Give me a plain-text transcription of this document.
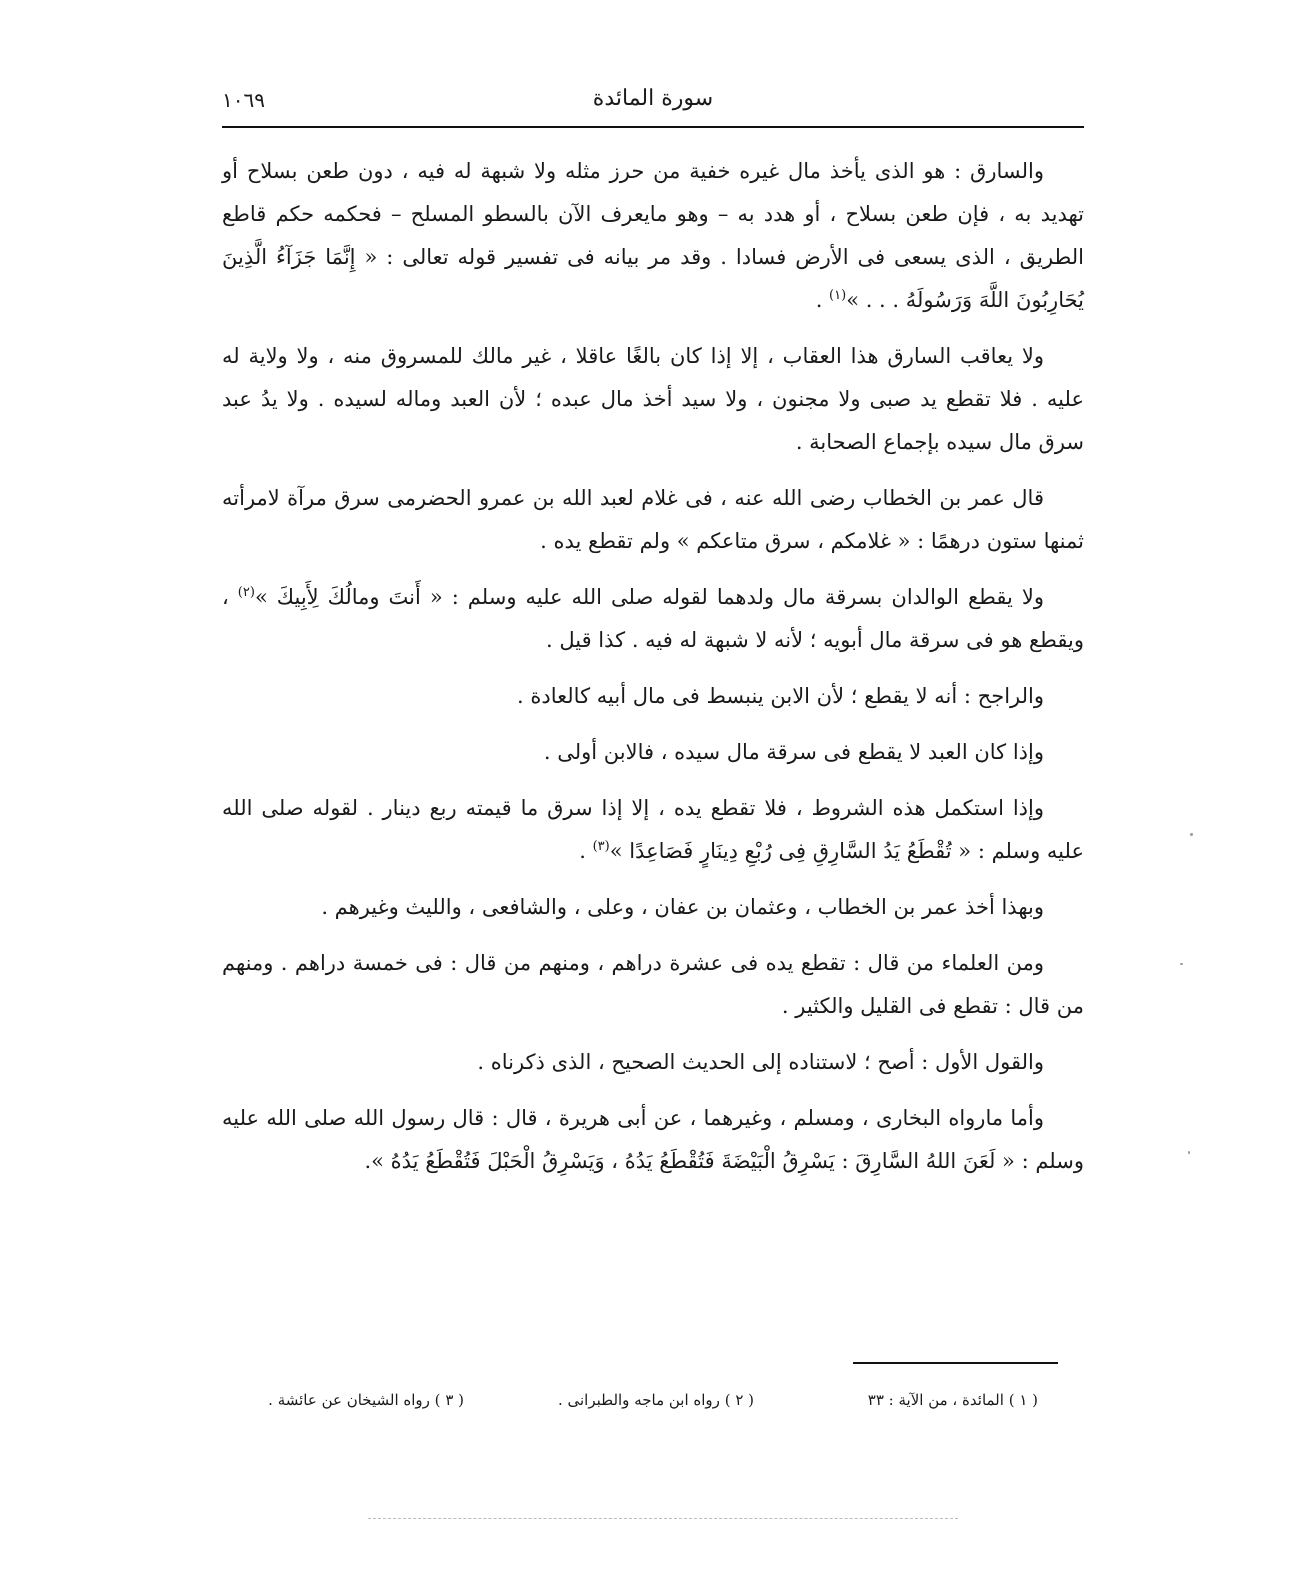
سورة المائدة
١٠٦٩

والسارق : هو الذى يأخذ مال غيره خفية من حرز مثله ولا شبهة له فيه ، دون طعن بسلاح أو تهديد به ، فإن طعن بسلاح ، أو هدد به – وهو مايعرف الآن بالسطو المسلح – فحكمه حكم قاطع الطريق ، الذى يسعى فى الأرض فسادا . وقد مر بيانه فى تفسير قوله تعالى : « إِنَّمَا جَزَآءُ الَّذِينَ يُحَارِبُونَ اللَّهَ وَرَسُولَهُ . . . »$^{(١)}$ .

ولا يعاقب السارق هذا العقاب ، إلا إذا كان بالغًا عاقلا ، غير مالك للمسروق منه ، ولا ولاية له عليه . فلا تقطع يد صبى ولا مجنون ، ولا سيد أخذ مال عبده ؛ لأن العبد وماله لسيده . ولا يدُ عبد سرق مال سيده بإجماع الصحابة .

قال عمر بن الخطاب رضى الله عنه ، فى غلام لعبد الله بن عمرو الحضرمى سرق مرآة لامرأته ثمنها ستون درهمًا : « غلامكم ، سرق متاعكم » ولم تقطع يده .

ولا يقطع الوالدان بسرقة مال ولدهما لقوله صلى الله عليه وسلم : « أَنتَ ومالُكَ لِأَبِيكَ »$^{(٢)}$ ، ويقطع هو فى سرقة مال أبويه ؛ لأنه لا شبهة له فيه . كذا قيل .

والراجح : أنه لا يقطع ؛ لأن الابن ينبسط فى مال أبيه كالعادة .

وإذا كان العبد لا يقطع فى سرقة مال سيده ، فالابن أولى .

وإذا استكمل هذه الشروط ، فلا تقطع يده ، إلا إذا سرق ما قيمته ربع دينار . لقوله صلى الله عليه وسلم : « تُقْطَعُ يَدُ السَّارِقِ فِى رُبْعِ دِينَارٍ فَصَاعِدًا »$^{(٣)}$ .

وبهذا أخذ عمر بن الخطاب ، وعثمان بن عفان ، وعلى ، والشافعى ، والليث وغيرهم .

ومن العلماء من قال : تقطع يده فى عشرة دراهم ، ومنهم من قال : فى خمسة دراهم . ومنهم من قال : تقطع فى القليل والكثير .

والقول الأول : أصح ؛ لاستناده إلى الحديث الصحيح ، الذى ذكرناه .

وأما مارواه البخارى ، ومسلم ، وغيرهما ، عن أبى هريرة ، قال : قال رسول الله صلى الله عليه وسلم : « لَعَنَ اللهُ السَّارِقَ : يَسْرِقُ الْبَيْضَةَ فَتُقْطَعُ يَدُهُ ، وَيَسْرِقُ الْحَبْلَ فَتُقْطَعُ يَدُهُ ».

( ١ ) المائدة ، من الآية : ٣٣
( ٢ ) رواه ابن ماجه والطبرانى .
( ٣ ) رواه الشيخان عن عائشة .
